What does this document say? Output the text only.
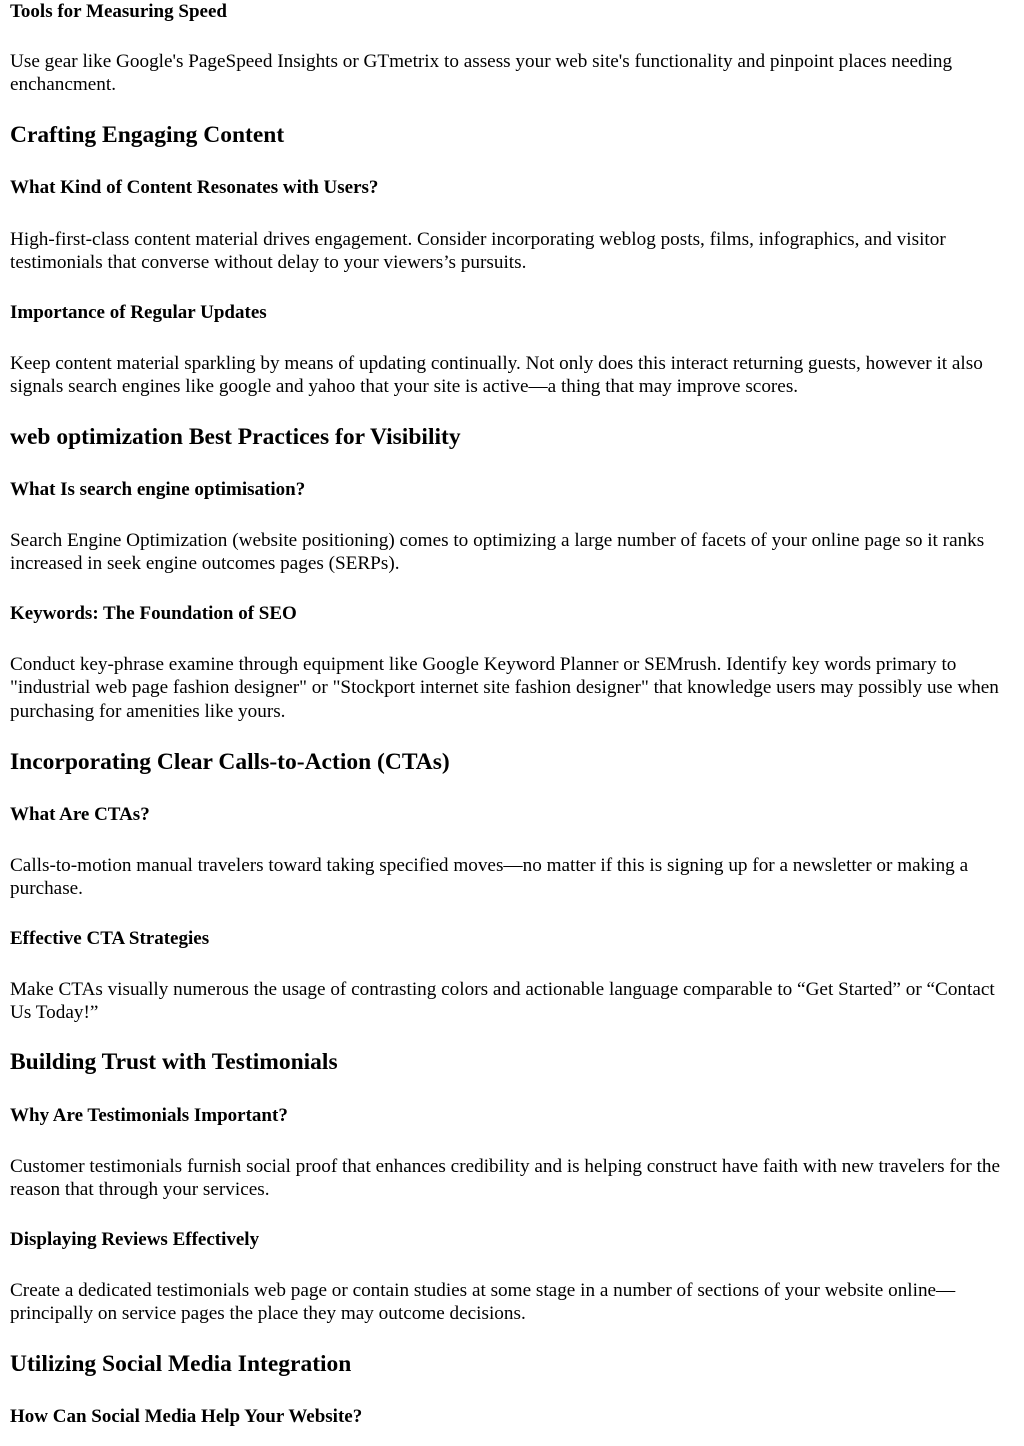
Tools for Measuring Speed

Use gear like Google's PageSpeed Insights or GTmetrix to assess your web site's functionality and pinpoint places needing enchancment.

Crafting Engaging Content
What Kind of Content Resonates with Users?

High-first-class content material drives engagement. Consider incorporating weblog posts, films, infographics, and visitor testimonials that converse without delay to your viewers’s pursuits.

Importance of Regular Updates

Keep content material sparkling by means of updating continually. Not only does this interact returning guests, however it also signals search engines like google and yahoo that your site is active—a thing that may improve scores.

web optimization Best Practices for Visibility
What Is search engine optimisation?

Search Engine Optimization (website positioning) comes to optimizing a large number of facets of your online page so it ranks increased in seek engine outcomes pages (SERPs).

Keywords: The Foundation of SEO

Conduct key-phrase examine through equipment like Google Keyword Planner or SEMrush. Identify key words primary to "industrial web page fashion designer" or "Stockport internet site fashion designer" that knowledge users may possibly use when purchasing for amenities like yours.

Incorporating Clear Calls-to-Action (CTAs)
What Are CTAs?

Calls-to-motion manual travelers toward taking specified moves—no matter if this is signing up for a newsletter or making a purchase.

Effective CTA Strategies

Make CTAs visually numerous the usage of contrasting colors and actionable language comparable to “Get Started” or “Contact Us Today!”

Building Trust with Testimonials
Why Are Testimonials Important?

Customer testimonials furnish social proof that enhances credibility and is helping construct have faith with new travelers for the reason that through your services.

Displaying Reviews Effectively

Create a dedicated testimonials web page or contain studies at some stage in a number of sections of your website online—principally on service pages the place they may outcome decisions.

Utilizing Social Media Integration
How Can Social Media Help Your Website?
